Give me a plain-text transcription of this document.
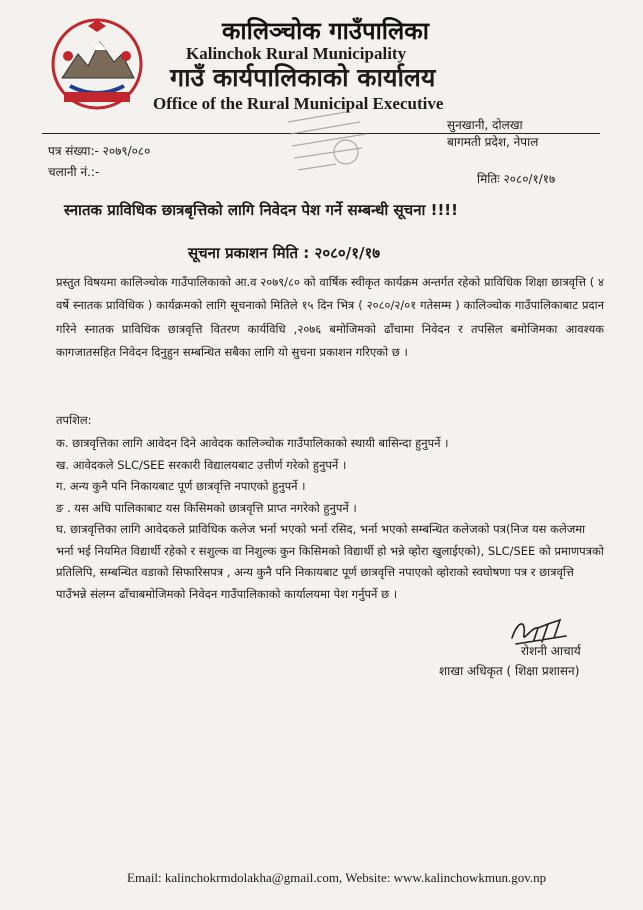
कालिञ्चोक गाउँपालिका
Kalinchok Rural Municipality
गाउँ कार्यपालिकाको कार्यालय
Office of the Rural Municipal Executive
सुनखानी, दोलखा
बागमती प्रदेश, नेपाल
पत्र संख्या:- २०७९/०८०
चलानी नं.:-	मितिः २०८०/१/१७
स्नातक प्राविधिक छात्रबृत्तिको लागि निवेदन पेश गर्ने सम्बन्धी सूचना !!!!
सूचना प्रकाशन मिति : २०८०/१/१७
प्रस्तुत विषयमा कालिञ्चोक गाउँपालिकाको आ.व २०७९/८० को वार्षिक स्वीकृत कार्यक्रम अन्तर्गत रहेको प्राविधिक शिक्षा छात्रवृत्ति ( ४ वर्षे स्नातक प्राविधिक ) कार्यक्रमको लागि सूचनाको मितिले १५ दिन भित्र ( २०८०/२/०१ गतेसम्म ) कालिञ्चोक गाउँपालिकाबाट प्रदान गरिने स्नातक प्राविधिक छात्रवृत्ति वितरण कार्यविधि ,२०७६ बमोजिमको ढाँचामा निवेदन र तपसिल बमोजिमका आवश्यक कागजातसहित निवेदन दिनुहुन सम्बन्धित सबैका लागि यो सुचना प्रकाशन गरिएको छ ।
तपशिल:
क. छात्रवृत्तिका लागि आवेदन दिने आवेदक कालिञ्चोक गाउँपालिकाको स्थायी बासिन्दा हुनुपर्ने ।
ख. आवेदकले SLC/SEE सरकारी विद्यालयबाट उत्तीर्ण गरेको हुनुपर्ने ।
ग. अन्य कुनै पनि निकायबाट पूर्ण छात्रवृत्ति नपाएको हुनुपर्ने ।
ङ . यस अघि पालिकाबाट यस किसिमको छात्रवृत्ति प्राप्त नगरेको हुनुपर्ने ।
घ. छात्रवृत्तिका लागि आवेदकले प्राविधिक कलेज भर्ना भएको भर्ना रसिद, भर्ना भएको सम्बन्धित कलेजको पत्र(निज यस कलेजमा भर्ना भई नियमित विद्यार्थी रहेको र सशुल्क वा निशुल्क कुन किसिमको विद्यार्थी हो भन्ने व्होरा खुलाईएको), SLC/SEE को प्रमाणपत्रको प्रतिलिपि, सम्बन्धित वडाको सिफारिसपत्र , अन्य कुनै पनि निकायबाट पूर्ण छात्रवृत्ति नपाएको व्होराको स्वघोषणा पत्र र छात्रवृत्ति पाउँभन्ने संलग्न ढाँचाबमोजिमको निवेदन गाउँपालिकाको कार्यालयमा पेश गर्नुपर्ने छ ।
रोशनी आचार्य
शाखा अधिकृत ( शिक्षा प्रशासन)
Email: kalinchokrmdolakha@gmail.com, Website: www.kalinchowkmun.gov.np
